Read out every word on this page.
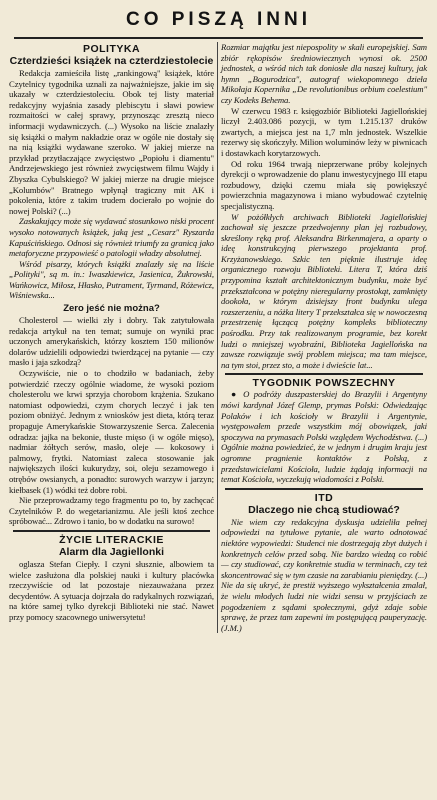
CO PISZĄ INNI
POLITYKA
Czterdzieści książek na czterdziestolecie

Redakcja zamieściła listę „rankingową" książek, które Czytelnicy tygodnika uznali za najważniejsze, jakie im się ukazały w czterdziestoleciu. Obok tej listy materiał redakcyjny wyjaśnia zasady plebiscytu i sławi powiew rozmaitości w całej sprawy, przynosząc zresztą nieco informacji wydawniczych. (...) Wysoko na liście znalazły się książki o małym nakładzie oraz w ogóle nie dostały się na nią książki wydawane szeroko. W jakiej mierze na przykład przytłaczające zwycięstwo „Popiołu i diamentu" Andrzejewskiego jest również zwycięstwem filmu Wajdy i Zbyszka Cybulskiego? W jakiej mierze na drugie miejsce „Kolumbów" Bratnego wpłynął tragiczny mit AK i pokolenia, które z takim trudem docierało po wojnie do nowej Polski? (...)

Zaskakujący może się wydawać stosunkowo niski procent wysoko notowanych książek, jaką jest „Cesarz" Ryszarda Kapuścińskiego. Odnosi się również triumfy za granicą jako metaforyczne przypowieść o patologii władzy absolutnej.

Wśród pisarzy, których książki znalazły się na liście „Polityki", są m. in.: Iwaszkiewicz, Jasienica, Żukrowski, Wańkowicz, Miłosz, Hłasko, Putrament, Tyrmand, Różewicz, Wiśniewska...

Zero jeść nie można?

Cholesterol — wielki zły i dobry. Tak zatytułowała redakcja artykuł na ten temat; sumuje on wyniki prac uczonych amerykańskich, którzy kosztem 150 milionów dolarów udzielili odpowiedzi twierdzącej na pytanie — czy masło i jaja szkodzą?

Oczywiście, nie o to chodziło w badaniach, żeby potwierdzić rzeczy ogólnie wiadome, że wysoki poziom cholesterolu we krwi sprzyja chorobom krążenia. Szukano natomiast odpowiedzi, czym chorych leczyć i jak ten poziom obniżyć. Jednym z wniosków jest dieta, którą teraz propaguje Amerykańskie Stowarzyszenie Serca. Zalecenia odradza: jajka na bekonie, tłuste mięso (i w ogóle mięso), nadmiar żółtych serów, masło, oleje — kokosowy i palmowy, frytki. Natomiast zaleca stosowanie jak największych ilości kukurydzy, soi, oleju sezamowego i otrębów owsianych, a ponadto: surowych warzyw i jarzyn; kiełbasek (1) wódki też dobre robi.

Nie przeprowadzamy tego fragmentu po to, by zachęcać Czytelników P. do wegetarianizmu. Ale jeśli ktoś zechce spróbować... Zdrowo i tanio, bo w dodatku na surowo!

ŻYCIE LITERACKIE
Alarm dla Jagiellonki

oglasza Stefan Ciepły. I czyni słusznie, albowiem ta wielce zasłużona dla polskiej nauki i kultury placówka rzeczywiście od lat pozostaje niezauważana przez decydentów. A sytuacja dojrzała do radykalnych rozwiązań, na które samej tylko dyrekcji Biblioteki nie stać. Nawet przy pomocy szacownego uniwersytetu!

Rozmiar majątku jest niepospolity w skali europejskiej. Sam zbiór rękopisów średniowiecznych wynosi ok. 2500 jednostek, a wśród nich tak doniosłe dla naszej kultury, jak hymn „Bogurodzica", autograf wiekopomnego dzieła Mikołaja Kopernika „De revolutionibus orbium coelestium" czy Kodeks Behema.

W czerwcu 1983 r. księgozbiór Biblioteki Jagiellońskiej liczył 2.403.086 pozycji, w tym 1.215.137 druków zwartych, a miejsca jest na 1,7 mln jednostek. Wszelkie rezerwy się skończyły. Milion woluminów leży w piwnicach i dostawkach korytarzowych.

Od roku 1964 trwają nieprzerwane próby kolejnych dyrekcji o wprowadzenie do planu inwestycyjnego III etapu rozbudowy, dzięki czemu miała się powiększyć powierzchnia magazynowa i miano wybudować czytelnię specjalistyczną.

W pożółkłych archiwach Biblioteki Jagiellońskiej zachował się jeszcze przedwojenny plan jej rozbudowy, skreślony ręką prof. Aleksandra Birkenmajera, a oparty o ideę konstrukcyjną pierwszego projektanta prof. Krzyżanowskiego. Szkic ten pięknie ilustruje ideę organicznego rozwoju Biblioteki. Litera T, która dziś przypomina kształt architektonicznym budynku, może być przekształcona w potężny nieregularny prostokąt, zamknięty dookoła, w którym dzisiejszy front budynku ulega rozszerzeniu, a nóżka litery T przekształca się w nowoczesną przestrzenię łączącą potężny kompleks biblioteczny pośrodku. Przy tak realizowanym programie, bez korekt ludzi o mniejszej wyobraźni, Biblioteka Jagiellońska na zawsze rozwiązuje swój problem miejsca; ma tam miejsce, na tym stoi, przez sto, a może i dwieście lat...

TYGODNIK POWSZECHNY

● O podróży duszpasterskiej do Brazylii i Argentyny mówi kardynał Józef Glemp, prymas Polski: Odwiedzając Polaków i ich kościoły w Brazylii i Argentynie, występowałem przede wszystkim mój obowiązek, jaki spoczywa na prymasach Polski względem Wychodźstwa. (...) Ogólnie można powiedzieć, że w jednym i drugim kraju jest ogromne pragnienie kontaktów z Polską, z przedstawicielami Kościoła, ludzie żądają informacji na temat Kościoła, wyczekują wiadomości z Polski.

ITD
Dlaczego nie chcą studiować?

Nie wiem czy redakcyjna dyskusja udzieliła pełnej odpowiedzi na tytułowe pytanie, ale warto odnotować niektóre wypowiedzi: Studenci nie dostrzegają zbyt dużych i konkretnych celów przed sobą. Nie bardzo wiedzą co robić — czy studiować, czy konkretnie studia w terminach, czy też skoncentrować się w tym czasie na zarabianiu pieniędzy. (...) Nie da się ukryć, że prestiż wyższego wykształcenia zmalał, że wielu młodych ludzi nie widzi sensu w przyjściach ze pogodzeniem z sądami społecznymi, gdyż zdaje sobie sprawę, że przez tam zapewni im postępującą pauperyzację. (J.M.)
